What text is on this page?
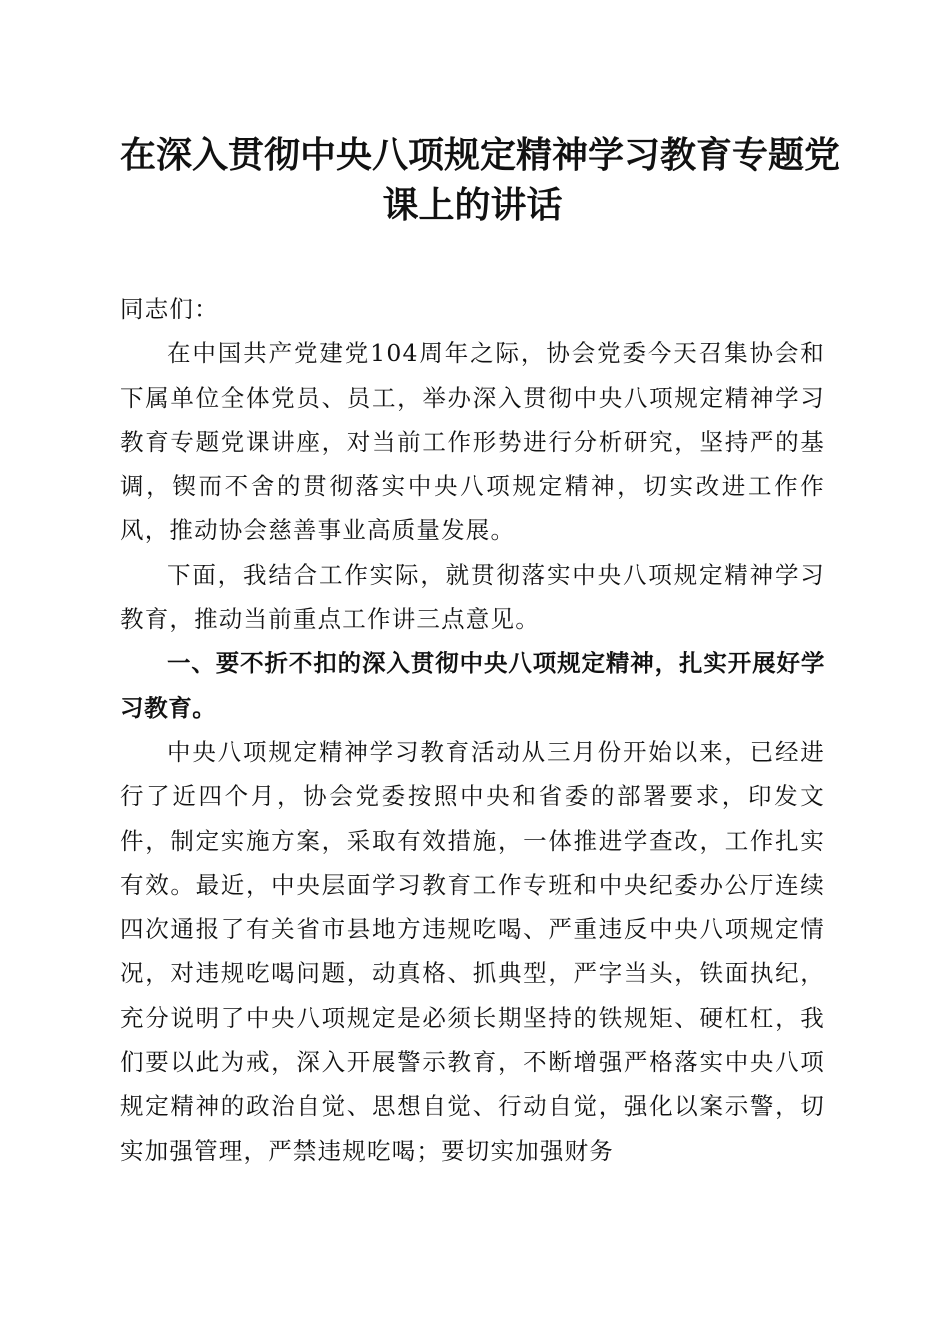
在深入贯彻中央八项规定精神学习教育专题党
课上的讲话

同志们：

在中国共产党建党104周年之际，协会党委今天召集协会和下属单位全体党员、员工，举办深入贯彻中央八项规定精神学习教育专题党课讲座，对当前工作形势进行分析研究，坚持严的基调，锲而不舍的贯彻落实中央八项规定精神，切实改进工作作风，推动协会慈善事业高质量发展。

下面，我结合工作实际，就贯彻落实中央八项规定精神学习教育，推动当前重点工作讲三点意见。

一、要不折不扣的深入贯彻中央八项规定精神，扎实开展好学习教育。

中央八项规定精神学习教育活动从三月份开始以来，已经进行了近四个月，协会党委按照中央和省委的部署要求，印发文件，制定实施方案，采取有效措施，一体推进学查改，工作扎实有效。最近，中央层面学习教育工作专班和中央纪委办公厅连续四次通报了有关省市县地方违规吃喝、严重违反中央八项规定情况，对违规吃喝问题，动真格、抓典型，严字当头，铁面执纪，充分说明了中央八项规定是必须长期坚持的铁规矩、硬杠杠，我们要以此为戒，深入开展警示教育，不断增强严格落实中央八项规定精神的政治自觉、思想自觉、行动自觉，强化以案示警，切实加强管理，严禁违规吃喝；要切实加强财务
